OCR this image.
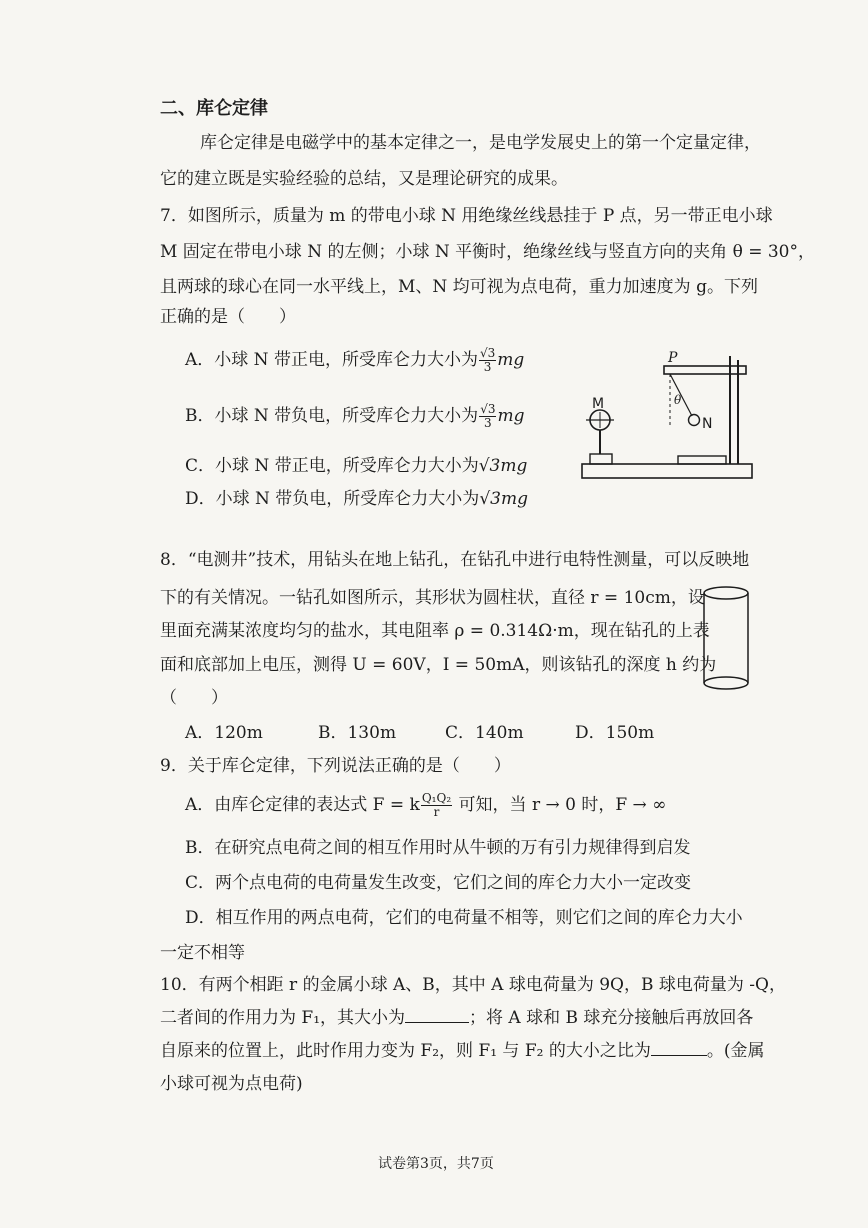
二、库仑定律
库仑定律是电磁学中的基本定律之一，是电学发展史上的第一个定量定律，
它的建立既是实验经验的总结，又是理论研究的成果。
7．如图所示，质量为 m 的带电小球 N 用绝缘丝线悬挂于 P 点，另一带正电小球
M 固定在带电小球 N 的左侧；小球 N 平衡时，绝缘丝线与竖直方向的夹角 θ = 30°，
且两球的球心在同一水平线上，M、N 均可视为点电荷，重力加速度为 g。下列
正确的是（　　）
A．小球 N 带正电，所受库仑力大小为 $\frac{√3}{3}$ mg
B．小球 N 带负电，所受库仑力大小为 $\frac{√3}{3}$ mg
C．小球 N 带正电，所受库仑力大小为√3mg
D．小球 N 带负电，所受库仑力大小为√3mg
N
P
θ
M
8．“电测井”技术，用钻头在地上钻孔，在钻孔中进行电特性测量，可以反映地
下的有关情况。一钻孔如图所示，其形状为圆柱状，直径 r = 10cm，设
里面充满某浓度均匀的盐水，其电阻率 ρ = 0.314Ω·m，现在钻孔的上表
面和底部加上电压，测得 U = 60V，I = 50mA，则该钻孔的深度 h 约为
（　　）
A．120m	B．130m	C．140m	D．150m
9．关于库仑定律，下列说法正确的是（　　）
A．由库仑定律的表达式 F = k $\frac{\text{Q₁Q₂}}{r}$ 可知，当 r → 0 时，F → ∞
B．在研究点电荷之间的相互作用时从牛顿的万有引力规律得到启发
C．两个点电荷的电荷量发生改变，它们之间的库仑力大小一定改变
D．相互作用的两点电荷，它们的电荷量不相等，则它们之间的库仑力大小
一定不相等
10．有两个相距 r 的金属小球 A、B，其中 A 球电荷量为 9Q，B 球电荷量为 -Q，
二者间的作用力为 F₁，其大小为	；将 A 球和 B 球充分接触后再放回各
自原来的位置上，此时作用力变为 F₂，则 F₁ 与 F₂ 的大小之比为	。(金属
小球可视为点电荷)
试卷第3页，共7页
